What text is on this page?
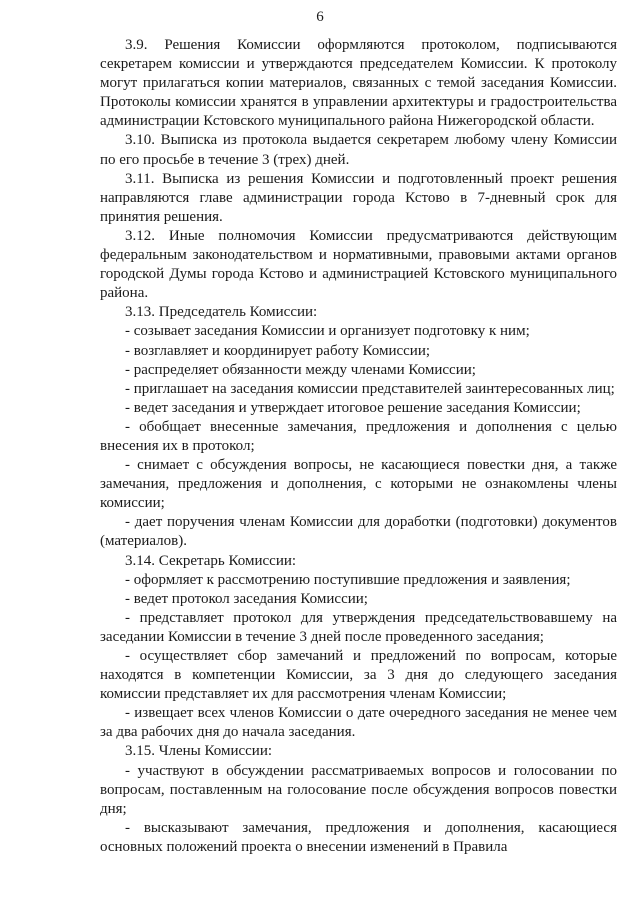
6

3.9. Решения Комиссии оформляются протоколом, подписываются секретарем комиссии и утверждаются председателем Комиссии. К протоколу могут прилагаться копии материалов, связанных с темой заседания Комиссии. Протоколы комиссии хранятся в управлении архитектуры и градостроительства администрации Кстовского муниципального района Нижегородской области.

3.10. Выписка из протокола выдается секретарем любому члену Комиссии по его просьбе в течение 3 (трех) дней.

3.11. Выписка из решения Комиссии и подготовленный проект решения направляются главе администрации города Кстово в 7-дневный срок для принятия решения.

3.12. Иные полномочия Комиссии предусматриваются действующим федеральным законодательством и нормативными, правовыми актами органов городской Думы города Кстово и администрацией Кстовского муниципального района.

3.13. Председатель Комиссии:

- созывает заседания Комиссии и организует подготовку к ним;

- возглавляет и координирует работу Комиссии;

- распределяет обязанности между членами Комиссии;

- приглашает на заседания комиссии представителей заинтересованных лиц;

- ведет заседания и утверждает итоговое решение заседания Комиссии;

- обобщает внесенные замечания, предложения и дополнения с целью внесения их в протокол;

- снимает с обсуждения вопросы, не касающиеся повестки дня, а также замечания, предложения и дополнения, с которыми не ознакомлены члены комиссии;

- дает поручения членам Комиссии для доработки (подготовки) документов (материалов).

3.14. Секретарь Комиссии:

- оформляет к рассмотрению поступившие предложения и заявления;

- ведет протокол заседания Комиссии;

- представляет протокол для утверждения председательствовавшему на заседании Комиссии в течение 3 дней после проведенного заседания;

- осуществляет сбор замечаний и предложений по вопросам, которые находятся в компетенции Комиссии, за 3 дня до следующего заседания комиссии представляет их для рассмотрения членам Комиссии;

- извещает всех членов Комиссии о дате очередного заседания не менее чем за два рабочих дня до начала заседания.

3.15. Члены Комиссии:

- участвуют в обсуждении рассматриваемых вопросов и голосовании по вопросам, поставленным на голосование после обсуждения вопросов повестки дня;

- высказывают замечания, предложения и дополнения, касающиеся основных положений проекта о внесении изменений в Правила
